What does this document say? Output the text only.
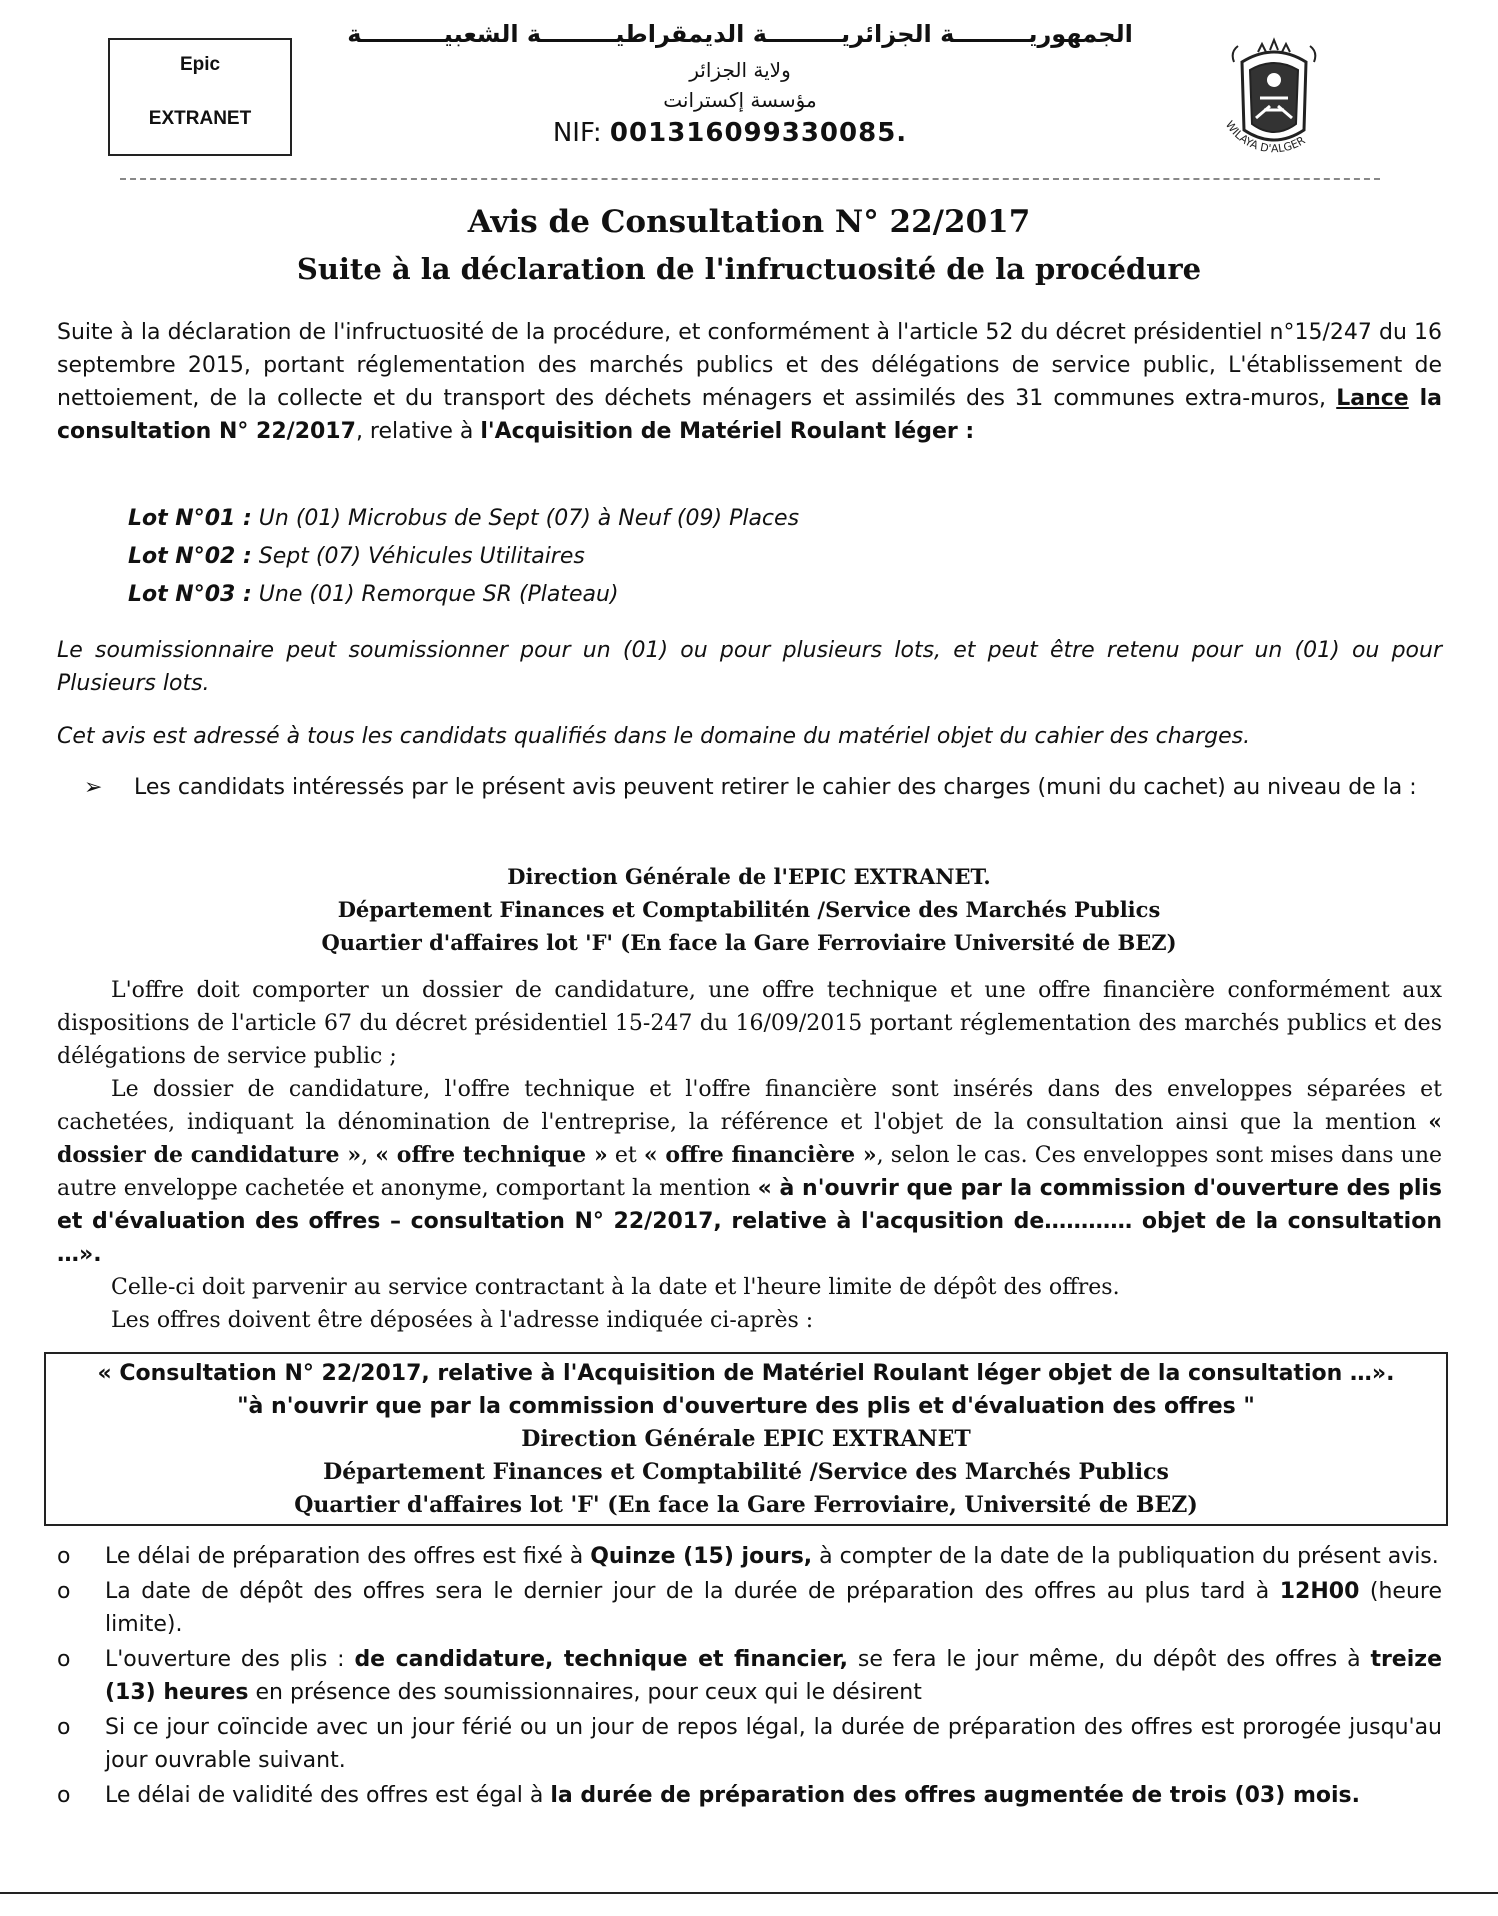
Epic
EXTRANET
الجمهوريـــــــــة الجزائريـــــــــة الديمقراطيـــــــــة الشعبيــــــــــة
ولاية الجزائر
مؤسسة إكسترانت
NIF: 001316099330085.	WILAYA D'ALGER
Avis de Consultation N° 22/2017
Suite à la déclaration de l'infructuosité de la procédure
Suite à la déclaration de l'infructuosité de la procédure, et conformément à l'article 52 du décret présidentiel n°15/247 du 16 septembre 2015, portant réglementation des marchés publics et des délégations de service public, L'établissement de nettoiement, de la collecte et du transport des déchets ménagers et assimilés des 31 communes extra-muros, Lance la consultation N° 22/2017, relative à l'Acquisition de Matériel Roulant léger :
Lot N°01 : Un (01) Microbus de Sept (07) à Neuf (09) Places
Lot N°02 : Sept (07) Véhicules Utilitaires
Lot N°03 : Une (01) Remorque SR (Plateau)
Le soumissionnaire peut soumissionner pour un (01) ou pour plusieurs lots, et peut être retenu pour un (01) ou pour Plusieurs lots.
Cet avis est adressé à tous les candidats qualifiés dans le domaine du matériel objet du cahier des charges.
➢ Les candidats intéressés par le présent avis peuvent retirer le cahier des charges (muni du cachet) au niveau de la :
Direction Générale de l'EPIC EXTRANET.
Département Finances et Comptabilitén /Service des Marchés Publics
Quartier d'affaires lot 'F' (En face la Gare Ferroviaire Université de BEZ)

L'offre doit comporter un dossier de candidature, une offre technique et une offre financière conformément aux dispositions de l'article 67 du décret présidentiel 15-247 du 16/09/2015 portant réglementation des marchés publics et des délégations de service public ;

Le dossier de candidature, l'offre technique et l'offre financière sont insérés dans des enveloppes séparées et cachetées, indiquant la dénomination de l'entreprise, la référence et l'objet de la consultation ainsi que la mention « dossier de candidature », « offre technique » et « offre financière », selon le cas. Ces enveloppes sont mises dans une autre enveloppe cachetée et anonyme, comportant la mention « à n'ouvrir que par la commission d'ouverture des plis et d'évaluation des offres – consultation N° 22/2017, relative à l'acqusition de………… objet de la consultation …».

Celle-ci doit parvenir au service contractant à la date et l'heure limite de dépôt des offres.

Les offres doivent être déposées à l'adresse indiquée ci-après :

« Consultation N° 22/2017, relative à l'Acquisition de Matériel Roulant léger objet de la consultation …».
"à n'ouvrir que par la commission d'ouverture des plis et d'évaluation des offres "
Direction Générale EPIC EXTRANET
Département Finances et Comptabilité /Service des Marchés Publics
Quartier d'affaires lot 'F' (En face la Gare Ferroviaire, Université de BEZ)
o Le délai de préparation des offres est fixé à Quinze (15) jours, à compter de la date de la publiquation du présent avis.
o La date de dépôt des offres sera le dernier jour de la durée de préparation des offres au plus tard à 12H00 (heure limite).
o L'ouverture des plis : de candidature, technique et financier, se fera le jour même, du dépôt des offres à treize (13) heures en présence des soumissionnaires, pour ceux qui le désirent
o Si ce jour coïncide avec un jour férié ou un jour de repos légal, la durée de préparation des offres est prorogée jusqu'au jour ouvrable suivant.
o Le délai de validité des offres est égal à la durée de préparation des offres augmentée de trois (03) mois.
